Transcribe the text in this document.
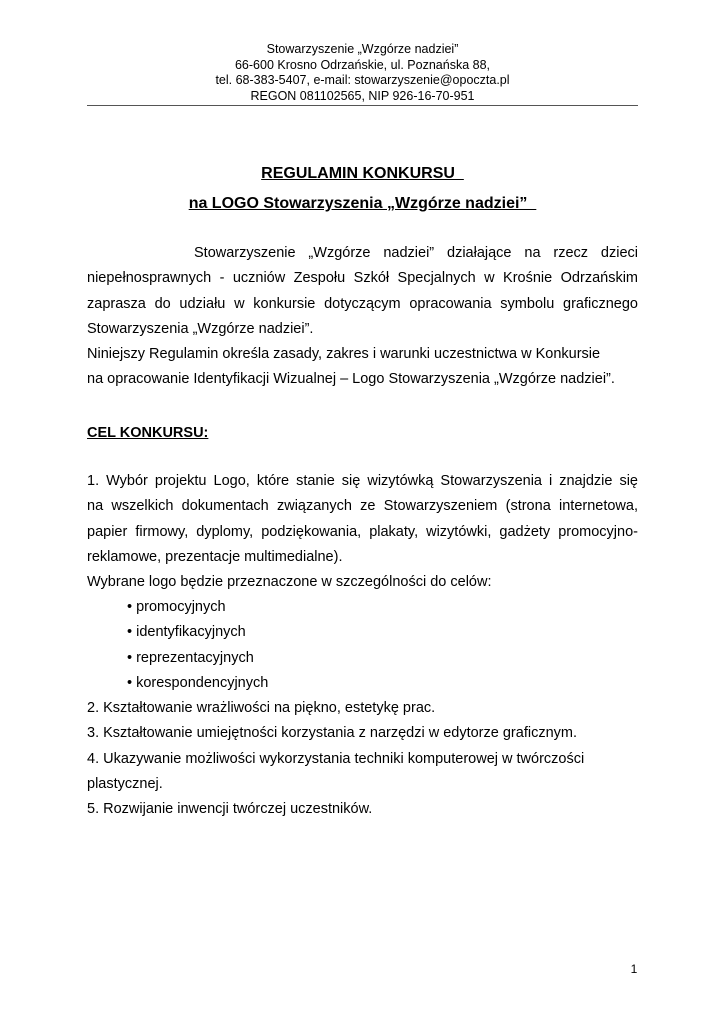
Stowarzyszenie „Wzgórze nadziei”
66-600 Krosno Odrzańskie, ul. Poznańska 88,
tel. 68-383-5407, e-mail: stowarzyszenie@opoczta.pl
REGON 081102565, NIP 926-16-70-951
REGULAMIN KONKURSU
na LOGO Stowarzyszenia „Wzgórze nadziei”
Stowarzyszenie „Wzgórze nadziei” działające na rzecz dzieci
niepełnosprawnych - uczniów Zespołu Szkół Specjalnych w Krośnie Odrzańskim
zaprasza do udziału w konkursie dotyczącym opracowania symbolu graficznego
Stowarzyszenia „Wzgórze nadziei”.
Niniejszy Regulamin określa zasady, zakres i warunki uczestnictwa w Konkursie
na opracowanie Identyfikacji Wizualnej – Logo Stowarzyszenia „Wzgórze nadziei”.
CEL KONKURSU:
1. Wybór projektu Logo, które stanie się wizytówką Stowarzyszenia i znajdzie się
na wszelkich dokumentach związanych ze Stowarzyszeniem (strona internetowa,
papier firmowy, dyplomy, podziękowania, plakaty, wizytówki, gadżety promocyjno-
reklamowe, prezentacje multimedialne).
Wybrane logo będzie przeznaczone w szczególności do celów:
• promocyjnych
• identyfikacyjnych
• reprezentacyjnych
• korespondencyjnych
2. Kształtowanie wrażliwości na piękno, estetykę prac.
3. Kształtowanie umiejętności korzystania z narzędzi w edytorze graficznym.
4. Ukazywanie możliwości wykorzystania techniki komputerowej w twórczości
plastycznej.
5. Rozwijanie inwencji twórczej uczestników.
1
